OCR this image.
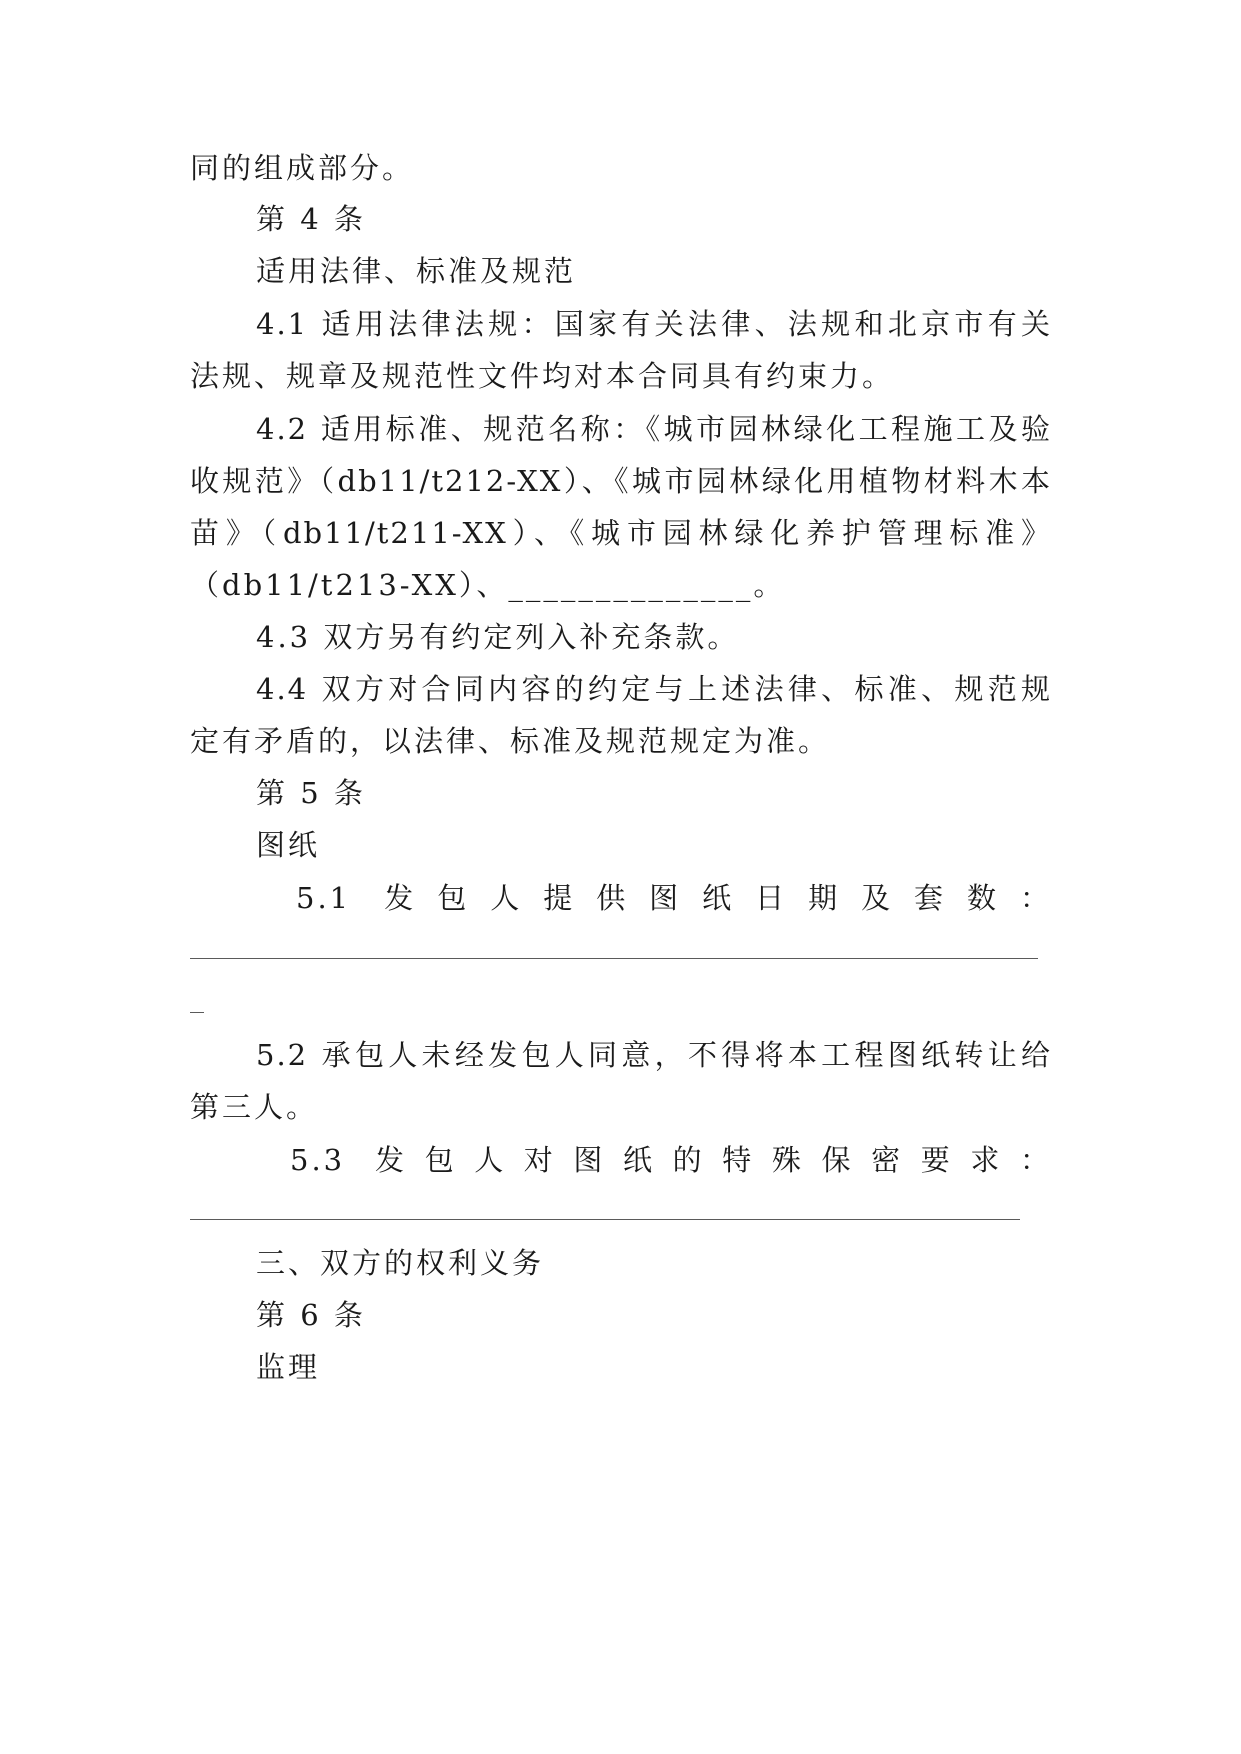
同的组成部分。
第 4 条
适用法律、标准及规范
4.1 适用法律法规：国家有关法律、法规和北京市有关
法规、规章及规范性文件均对本合同具有约束力。
4.2 适用标准、规范名称：《城市园林绿化工程施工及验
收规范》（db11/t212-XX）、《城市园林绿化用植物材料木本
苗》（db11/t211-XX）、《城市园林绿化养护管理标准》
（db11/t213-XX）、______________。
4.3 双方另有约定列入补充条款。
4.4 双方对合同内容的约定与上述法律、标准、规范规
定有矛盾的，以法律、标准及规范规定为准。
第 5 条
图纸
5.1 发包人提供图纸日期及套数：
5.2 承包人未经发包人同意，不得将本工程图纸转让给
第三人。
5.3 发包人对图纸的特殊保密要求：
三、双方的权利义务
第 6 条
监理
